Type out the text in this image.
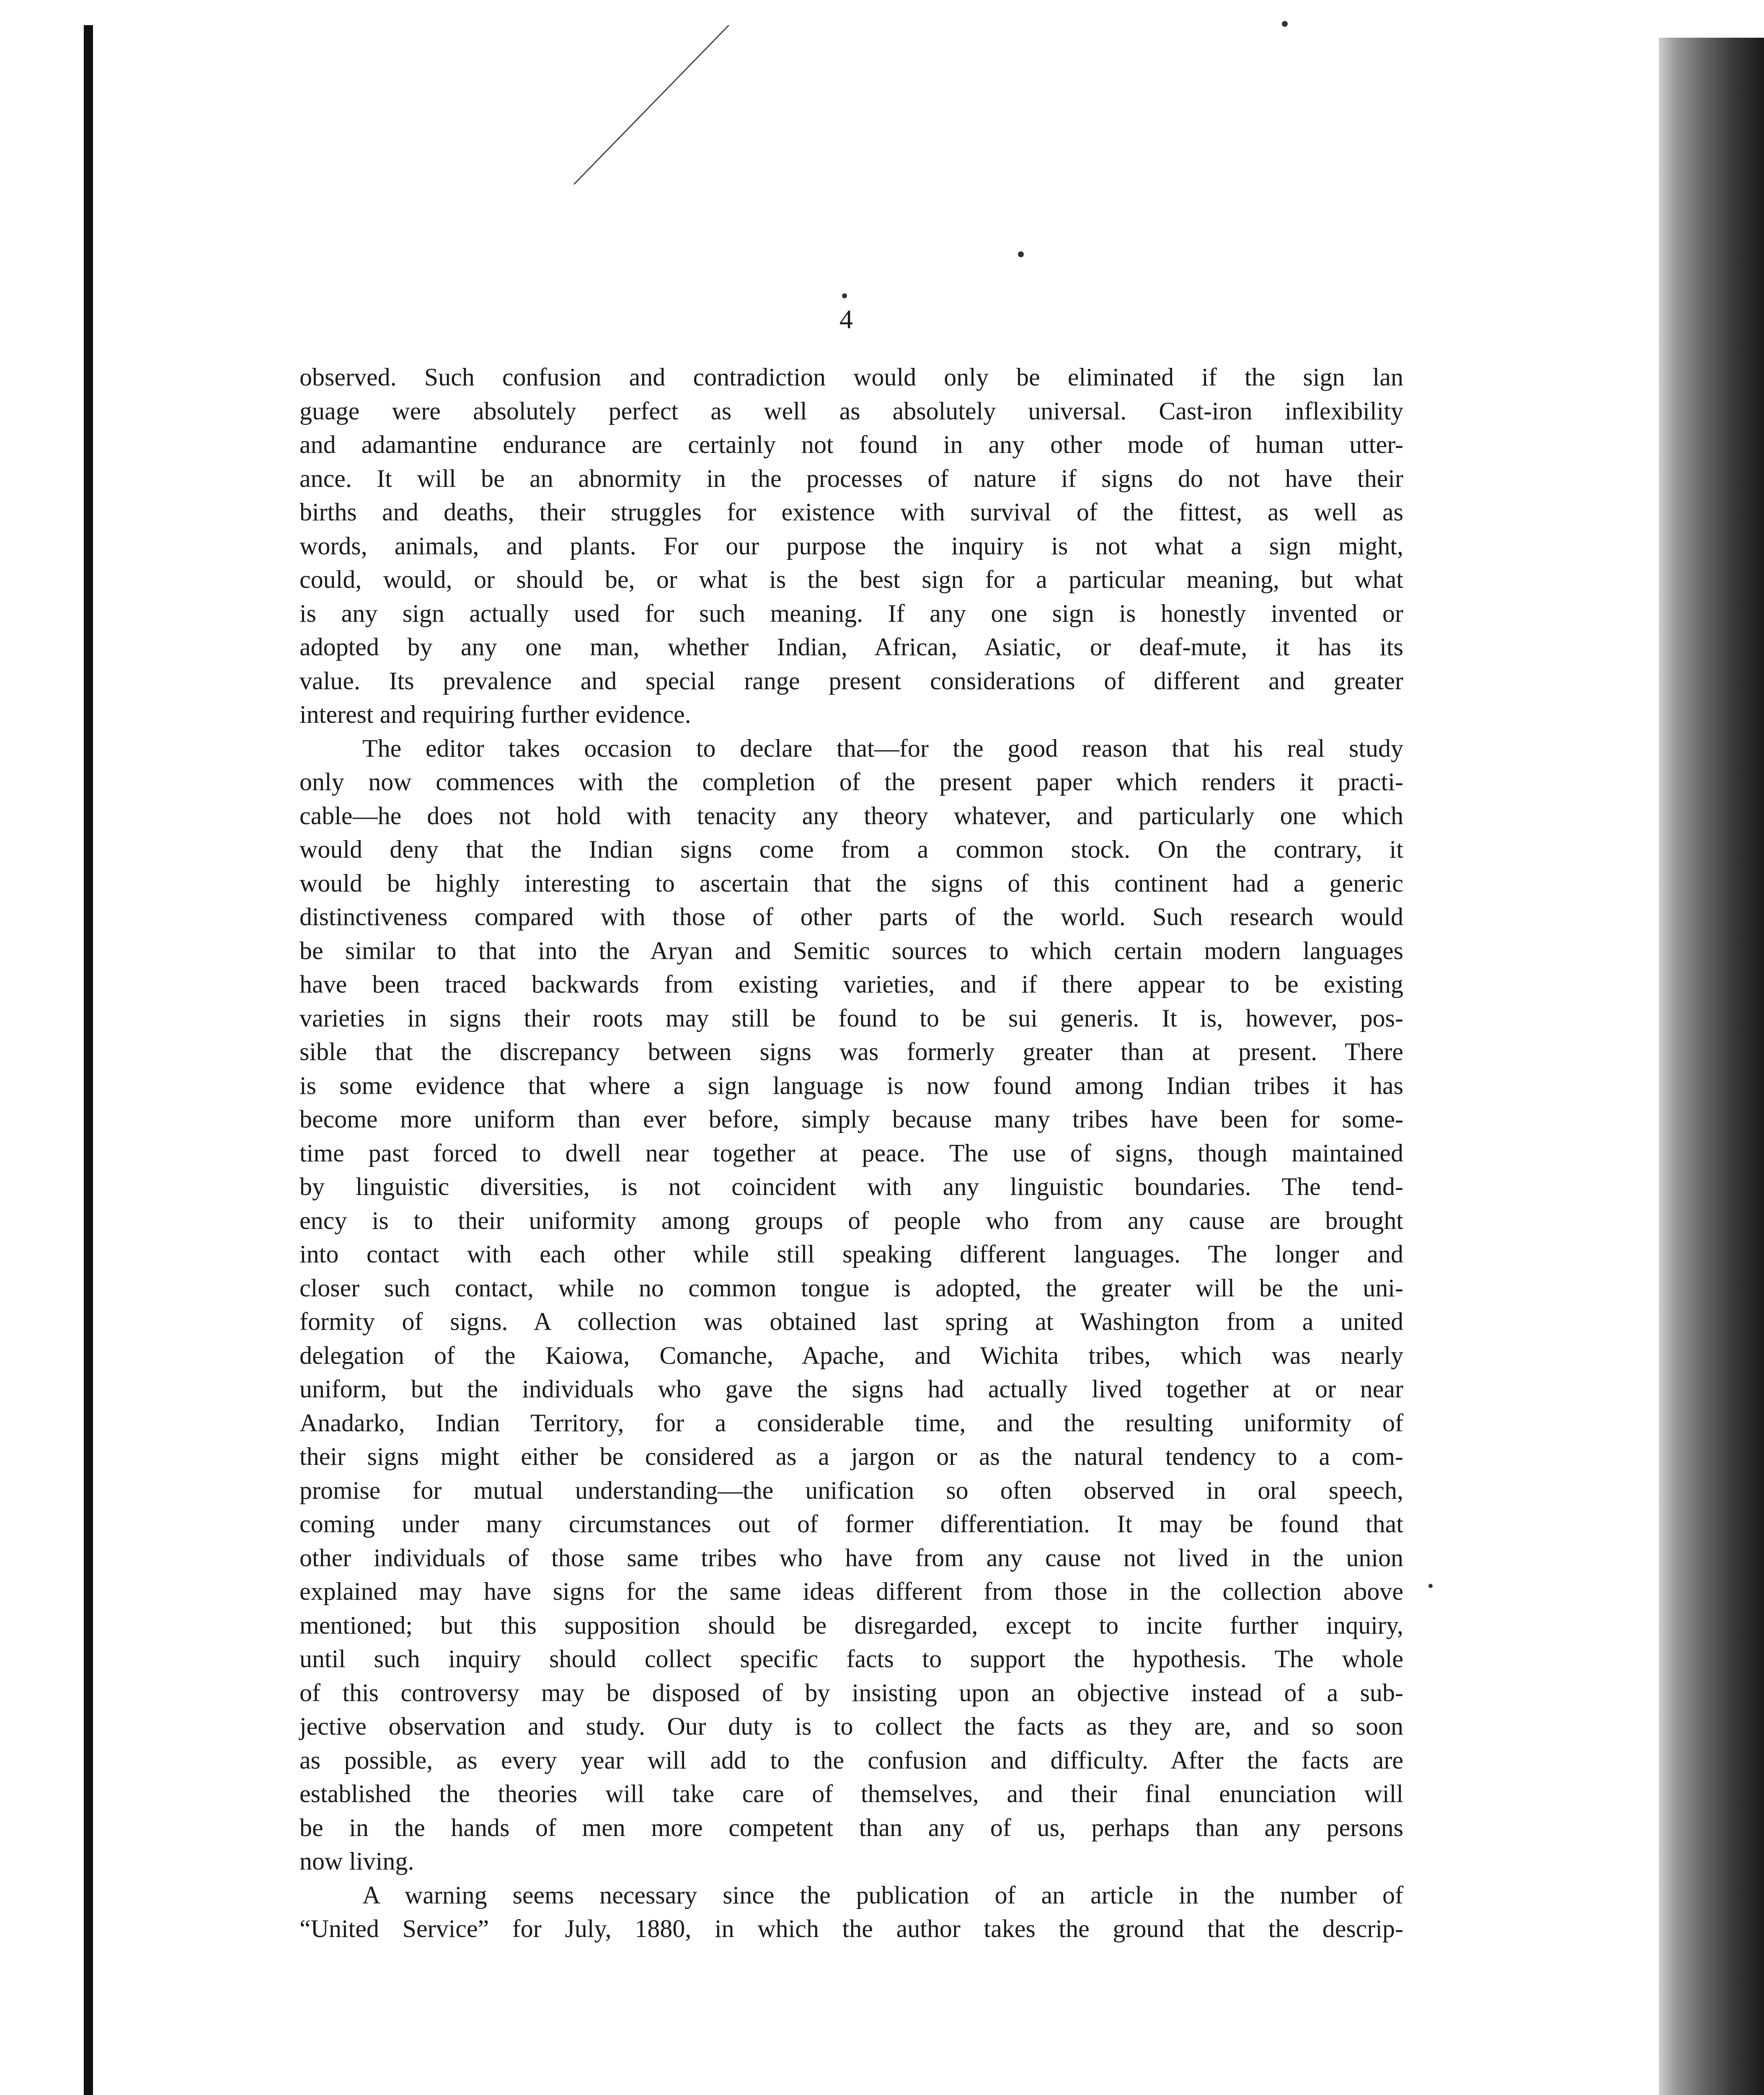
4

observed. Such confusion and contradiction would only be eliminated if the sign lan
guage were absolutely perfect as well as absolutely universal. Cast-iron inflexibility
and adamantine endurance are certainly not found in any other mode of human utter-
ance. It will be an abnormity in the processes of nature if signs do not have their
births and deaths, their struggles for existence with survival of the fittest, as well as
words, animals, and plants. For our purpose the inquiry is not what a sign might,
could, would, or should be, or what is the best sign for a particular meaning, but what
is any sign actually used for such meaning. If any one sign is honestly invented or
adopted by any one man, whether Indian, African, Asiatic, or deaf-mute, it has its
value. Its prevalence and special range present considerations of different and greater
interest and requiring further evidence.

The editor takes occasion to declare that—for the good reason that his real study
only now commences with the completion of the present paper which renders it practi-
cable—he does not hold with tenacity any theory whatever, and particularly one which
would deny that the Indian signs come from a common stock. On the contrary, it
would be highly interesting to ascertain that the signs of this continent had a generic
distinctiveness compared with those of other parts of the world. Such research would
be similar to that into the Aryan and Semitic sources to which certain modern languages
have been traced backwards from existing varieties, and if there appear to be existing
varieties in signs their roots may still be found to be sui generis. It is, however, pos-
sible that the discrepancy between signs was formerly greater than at present. There
is some evidence that where a sign language is now found among Indian tribes it has
become more uniform than ever before, simply because many tribes have been for some-
time past forced to dwell near together at peace. The use of signs, though maintained
by linguistic diversities, is not coincident with any linguistic boundaries. The tend-
ency is to their uniformity among groups of people who from any cause are brought
into contact with each other while still speaking different languages. The longer and
closer such contact, while no common tongue is adopted, the greater will be the uni-
formity of signs. A collection was obtained last spring at Washington from a united
delegation of the Kaiowa, Comanche, Apache, and Wichita tribes, which was nearly
uniform, but the individuals who gave the signs had actually lived together at or near
Anadarko, Indian Territory, for a considerable time, and the resulting uniformity of
their signs might either be considered as a jargon or as the natural tendency to a com-
promise for mutual understanding—the unification so often observed in oral speech,
coming under many circumstances out of former differentiation. It may be found that
other individuals of those same tribes who have from any cause not lived in the union
explained may have signs for the same ideas different from those in the collection above
mentioned; but this supposition should be disregarded, except to incite further inquiry,
until such inquiry should collect specific facts to support the hypothesis. The whole
of this controversy may be disposed of by insisting upon an objective instead of a sub-
jective observation and study. Our duty is to collect the facts as they are, and so soon
as possible, as every year will add to the confusion and difficulty. After the facts are
established the theories will take care of themselves, and their final enunciation will
be in the hands of men more competent than any of us, perhaps than any persons
now living.

A warning seems necessary since the publication of an article in the number of
“United Service” for July, 1880, in which the author takes the ground that the descrip-
